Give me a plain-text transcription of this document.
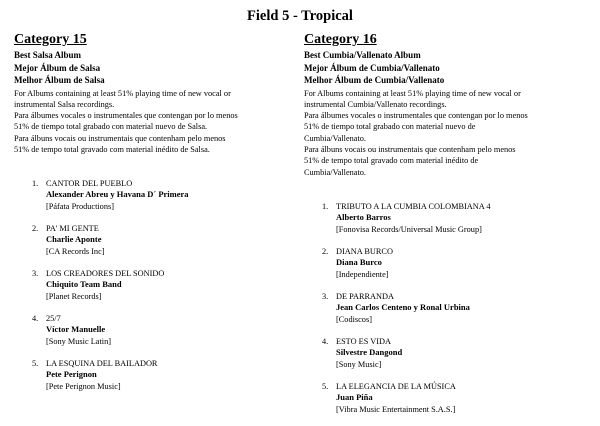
Field 5 - Tropical
Category 15
Best Salsa Album
Mejor Álbum de Salsa
Melhor Álbum de Salsa
For Albums containing at least 51% playing time of new vocal or
instrumental Salsa recordings.
Para álbumes vocales o instrumentales que contengan por lo menos
51% de tiempo total grabado con material nuevo de Salsa.
Para álbuns vocais ou instrumentais que contenham pelo menos
51% de tempo total gravado com material inédito de Salsa.
1. CANTOR DEL PUEBLO
Alexander Abreu y Havana D´ Primera
[Páfata Productions]
2. PA' MI GENTE
Charlie Aponte
[CA Records Inc]
3. LOS CREADORES DEL SONIDO
Chiquito Team Band
[Planet Records]
4. 25/7
Víctor Manuelle
[Sony Music Latin]
5. LA ESQUINA DEL BAILADOR
Pete Perignon
[Pete Perignon Music]
Category 16
Best Cumbia/Vallenato Album
Mejor Álbum de Cumbia/Vallenato
Melhor Álbum de Cumbia/Vallenato
For Albums containing at least 51% playing time of new vocal or
instrumental Cumbia/Vallenato recordings.
Para álbumes vocales o instrumentales que contengan por lo menos
51% de tiempo total grabado con material nuevo de
Cumbia/Vallenato.
Para álbuns vocais ou instrumentais que contenham pelo menos
51% de tempo total gravado com material inédito de
Cumbia/Vallenato.
1. TRIBUTO A LA CUMBIA COLOMBIANA 4
Alberto Barros
[Fonovisa Records/Universal Music Group]
2. DIANA BURCO
Diana Burco
[Independiente]
3. DE PARRANDA
Jean Carlos Centeno y Ronal Urbina
[Codiscos]
4. ESTO ES VIDA
Silvestre Dangond
[Sony Music]
5. LA ELEGANCIA DE LA MÚSICA
Juan Piña
[Vibra Music Entertainment S.A.S.]
